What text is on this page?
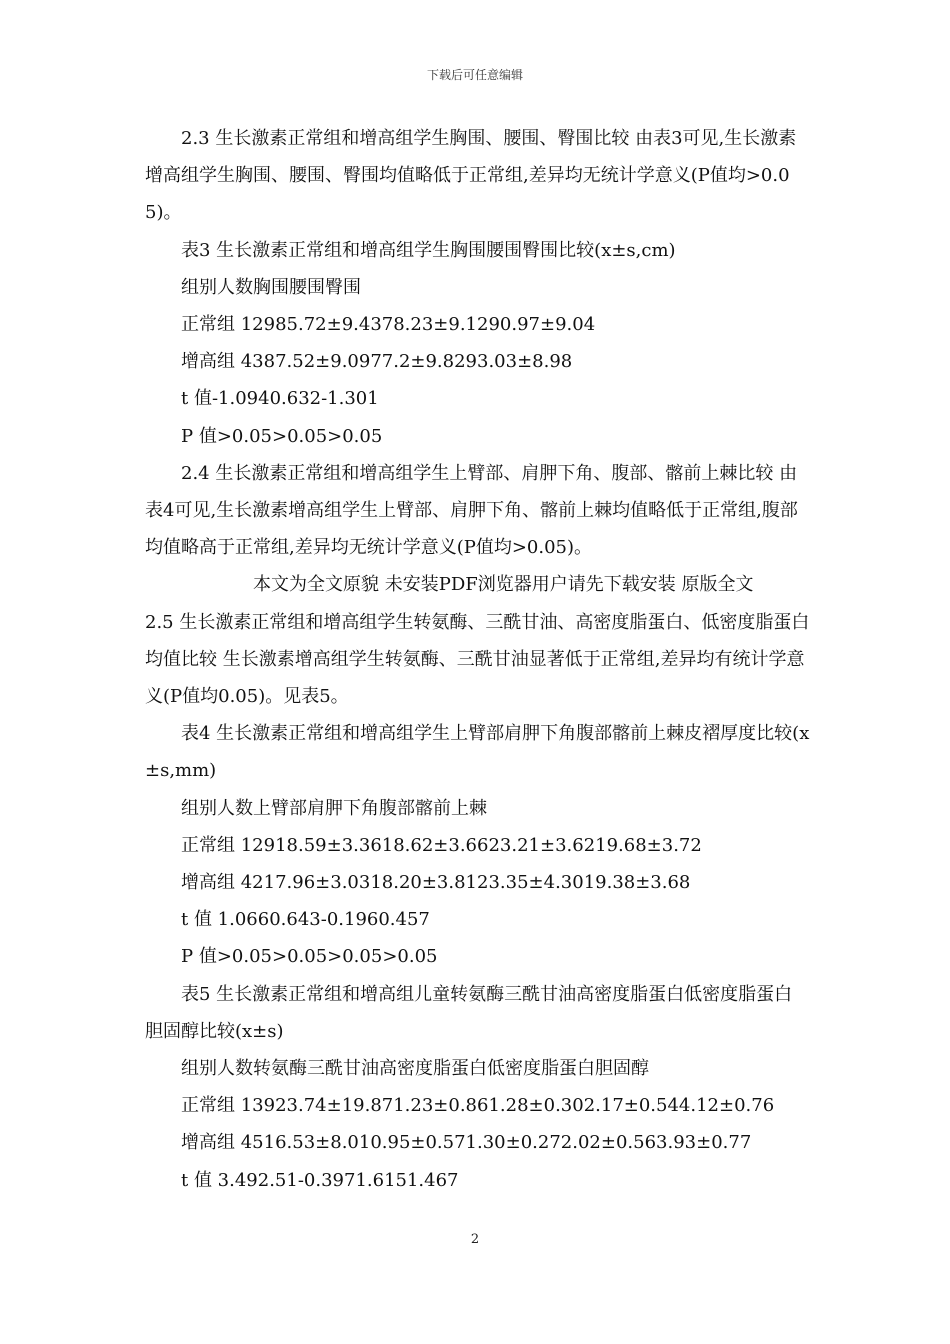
下载后可任意编辑

2.3 生长激素正常组和增高组学生胸围、腰围、臀围比较 由表3可见,生长激素增高组学生胸围、腰围、臀围均值略低于正常组,差异均无统计学意义(P值均>0.05)。

表3 生长激素正常组和增高组学生胸围腰围臀围比较(x±s,cm)

组别人数胸围腰围臀围

正常组 12985.72±9.4378.23±9.1290.97±9.04

增高组 4387.52±9.0977.2±9.8293.03±8.98

t 值-1.0940.632-1.301

P 值>0.05>0.05>0.05

2.4 生长激素正常组和增高组学生上臂部、肩胛下角、腹部、髂前上棘比较 由表4可见,生长激素增高组学生上臂部、肩胛下角、髂前上棘均值略低于正常组,腹部均值略高于正常组,差异均无统计学意义(P值均>0.05)。

本文为全文原貌 未安装PDF浏览器用户请先下载安装 原版全文

2.5 生长激素正常组和增高组学生转氨酶、三酰甘油、高密度脂蛋白、低密度脂蛋白均值比较 生长激素增高组学生转氨酶、三酰甘油显著低于正常组,差异均有统计学意义(P值均0.05)。见表5。

表4 生长激素正常组和增高组学生上臂部肩胛下角腹部髂前上棘皮褶厚度比较(x±s,mm)

组别人数上臂部肩胛下角腹部髂前上棘

正常组 12918.59±3.3618.62±3.6623.21±3.6219.68±3.72

增高组 4217.96±3.0318.20±3.8123.35±4.3019.38±3.68

t 值 1.0660.643-0.1960.457

P 值>0.05>0.05>0.05>0.05

表5 生长激素正常组和增高组儿童转氨酶三酰甘油高密度脂蛋白低密度脂蛋白胆固醇比较(x±s)

组别人数转氨酶三酰甘油高密度脂蛋白低密度脂蛋白胆固醇

正常组 13923.74±19.871.23±0.861.28±0.302.17±0.544.12±0.76

增高组 4516.53±8.010.95±0.571.30±0.272.02±0.563.93±0.77

t 值 3.492.51-0.3971.6151.467

2
